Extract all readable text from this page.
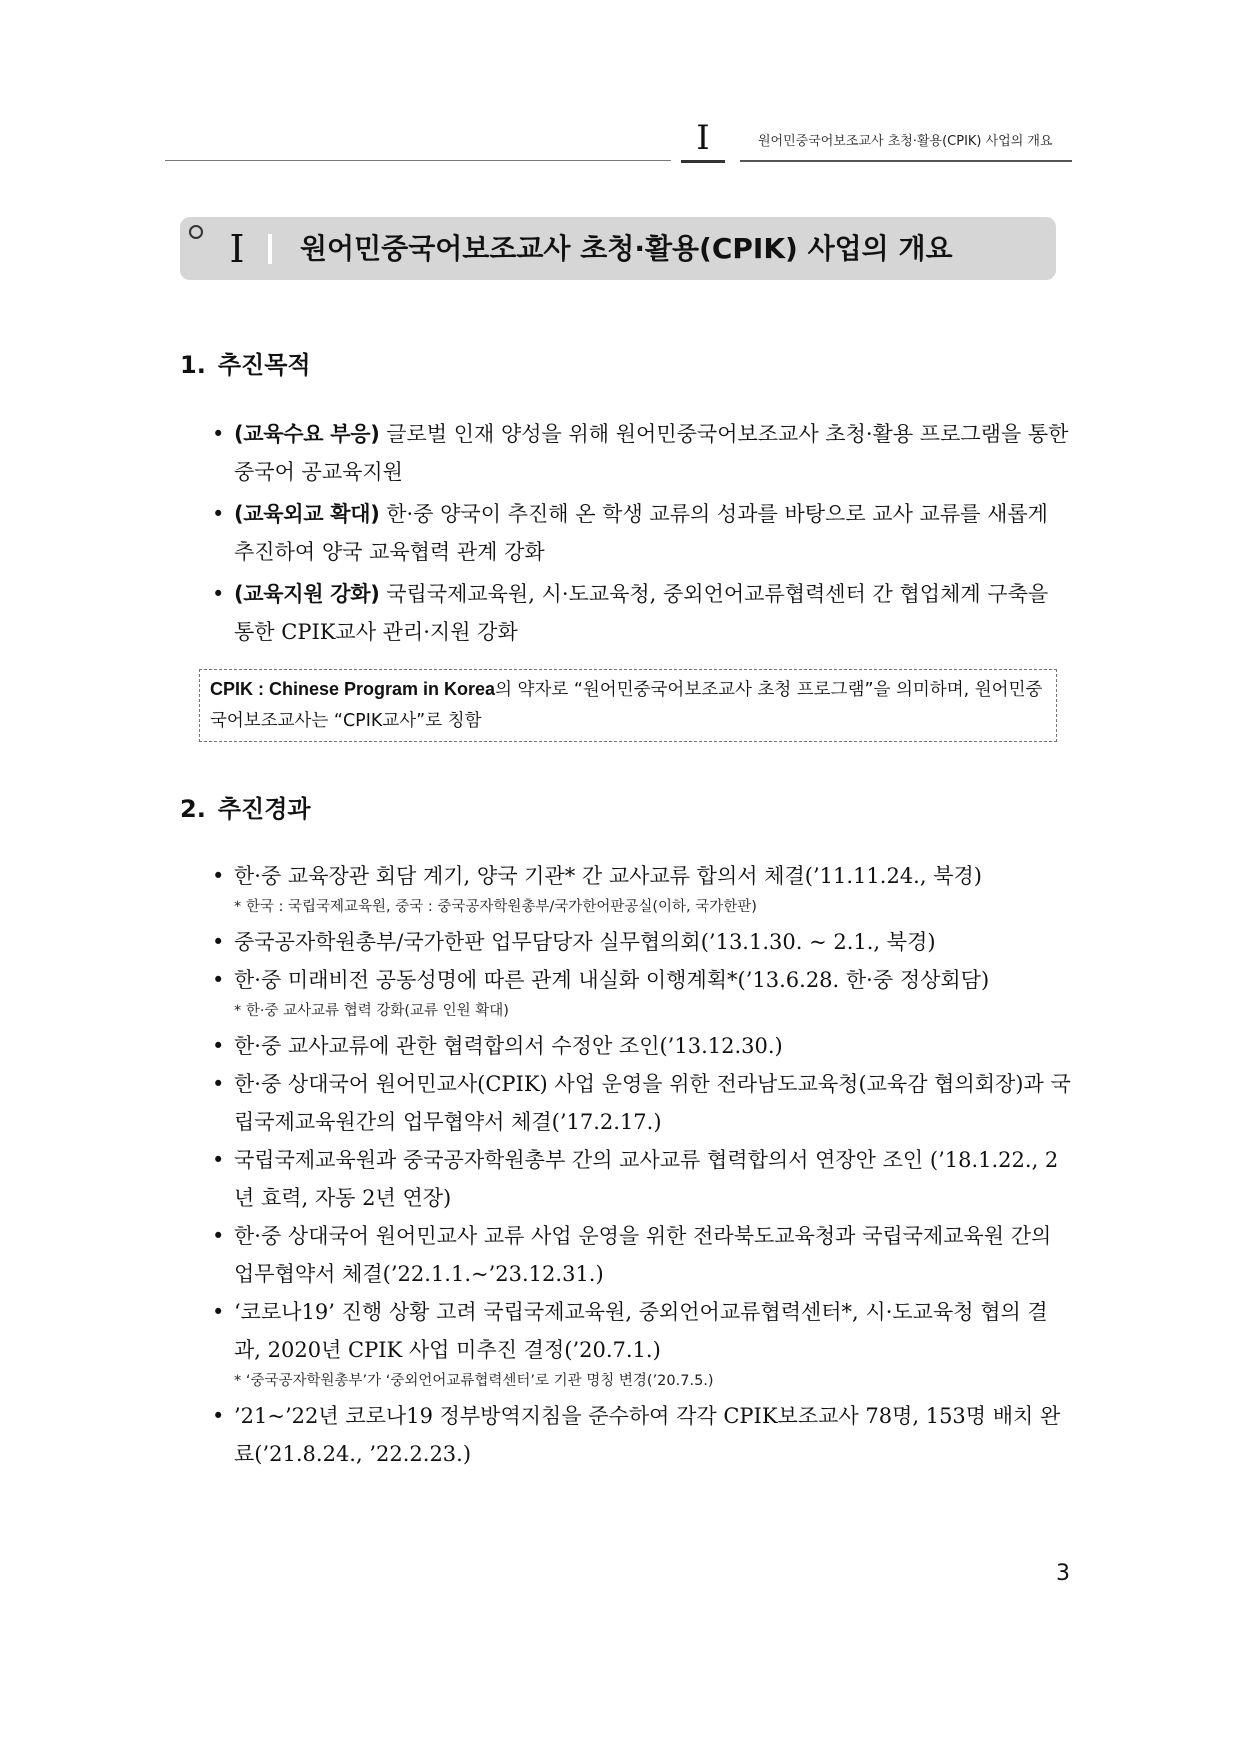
I	원어민중국어보조교사 초청·활용(CPIK) 사업의 개요
I 원어민중국어보조교사 초청·활용(CPIK) 사업의 개요
1. 추진목적
• (교육수요 부응) 글로벌 인재 양성을 위해 원어민중국어보조교사 초청·활용 프로그램을 통한 중국어 공교육지원
• (교육외교 확대) 한·중 양국이 추진해 온 학생 교류의 성과를 바탕으로 교사 교류를 새롭게 추진하여 양국 교육협력 관계 강화
• (교육지원 강화) 국립국제교육원, 시·도교육청, 중외언어교류협력센터 간 협업체계 구축을 통한 CPIK교사 관리·지원 강화
CPIK : Chinese Program in Korea의 약자로 “원어민중국어보조교사 초청 프로그램”을 의미하며, 원어민중국어보조교사는 “CPIK교사”로 칭함
2. 추진경과
• 한·중 교육장관 회담 계기, 양국 기관* 간 교사교류 합의서 체결(’11.11.24., 북경)
* 한국 : 국립국제교육원, 중국 : 중국공자학원총부/국가한어판공실(이하, 국가한판)
• 중국공자학원총부/국가한판 업무담당자 실무협의회(’13.1.30. ~ 2.1., 북경)
• 한·중 미래비전 공동성명에 따른 관계 내실화 이행계획*(’13.6.28. 한·중 정상회담)
* 한·중 교사교류 협력 강화(교류 인원 확대)
• 한·중 교사교류에 관한 협력합의서 수정안 조인(’13.12.30.)
• 한·중 상대국어 원어민교사(CPIK) 사업 운영을 위한 전라남도교육청(교육감 협의회장)과 국립국제교육원간의 업무협약서 체결(’17.2.17.)
• 국립국제교육원과 중국공자학원총부 간의 교사교류 협력합의서 연장안 조인 (’18.1.22., 2년 효력, 자동 2년 연장)
• 한·중 상대국어 원어민교사 교류 사업 운영을 위한 전라북도교육청과 국립국제교육원 간의 업무협약서 체결(’22.1.1.~’23.12.31.)
• ‘코로나19’ 진행 상황 고려 국립국제교육원, 중외언어교류협력센터*, 시·도교육청 협의 결과, 2020년 CPIK 사업 미추진 결정(’20.7.1.)
* ‘중국공자학원총부’가 ‘중외언어교류협력센터’로 기관 명칭 변경(’20.7.5.)
• ’21~’22년 코로나19 정부방역지침을 준수하여 각각 CPIK보조교사 78명, 153명 배치 완료(’21.8.24., ’22.2.23.)
3
